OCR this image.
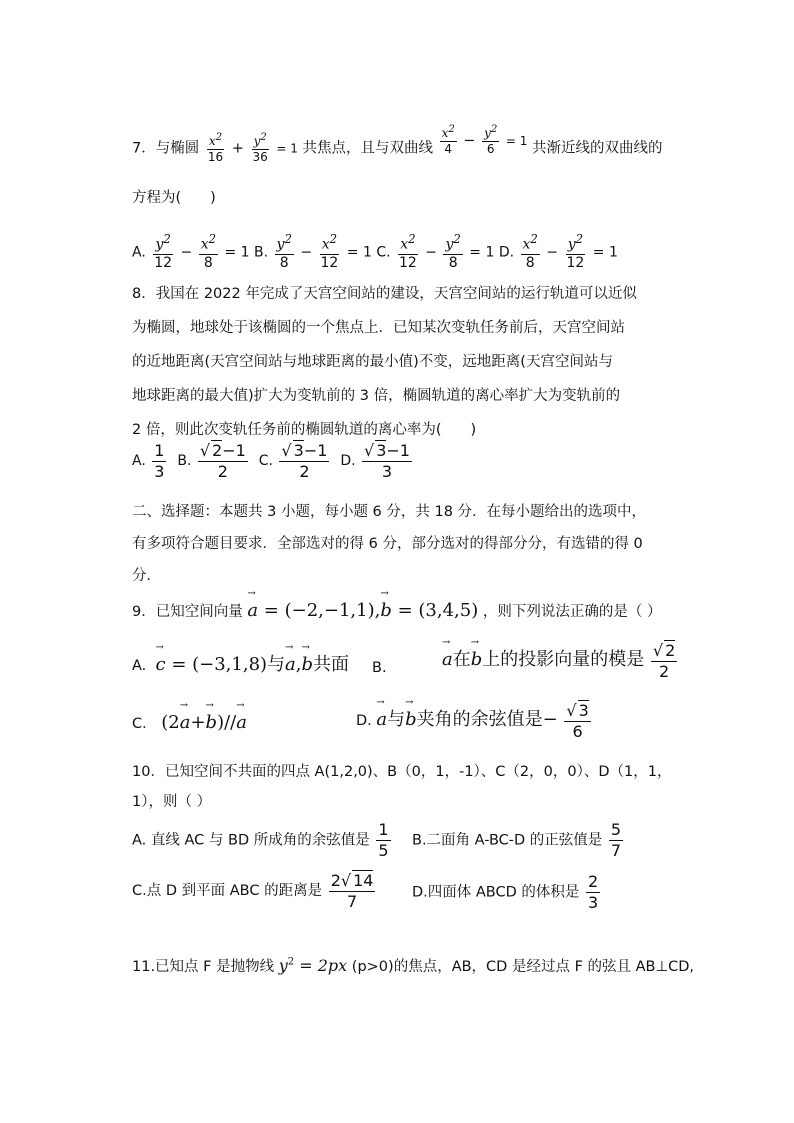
7．与椭圆 $\frac{x^2}{16} + \frac{y^2}{36} = 1$ 共焦点，且与双曲线 $\frac{x^2}{4} - \frac{y^2}{6} ^{= 1}$ 共渐近线的双曲线的
方程为(　　)
A. $\frac{y^2}{12} - \frac{x^2}{8} = 1$ B. $\frac{y^2}{8} - \frac{x^2}{12} = 1$ C. $\frac{x^2}{12} - \frac{y^2}{8} = 1$ D. $\frac{x^2}{8} - \frac{y^2}{12} = 1$
8．我国在 2022 年完成了天宫空间站的建设，天宫空间站的运行轨道可以近似
为椭圆，地球处于该椭圆的一个焦点上．已知某次变轨任务前后，天宫空间站
的近地距离(天宫空间站与地球距离的最小值)不变，远地距离(天宫空间站与
地球距离的最大值)扩大为变轨前的 3 倍，椭圆轨道的离心率扩大为变轨前的
2 倍，则此次变轨任务前的椭圆轨道的离心率为(　　)
A. $\frac{1}{3} B$. $\frac{√ 2-1}{2} C$. $\frac{√ 3-1}{2} D$. $\frac{√ 3-1}{3}$
二、选择题：本题共 3 小题，每小题 6 分，共 18 分．在每小题给出的选项中，
有多项符合题目要求．全部选对的得 6 分，部分选对的得部分分，有选错的得 0
分．
9．已知空间向量 → a = (−2,−1,1),→ b = (3,4,5) ，则下列说法正确的是（ ）
A. → c = (−3,1,8)与→ a,→ b共面 B.	→ a在→ b上的投影向量的模是 $\frac{√ 2}{2}$
C． (2→ a+→ b)//→ a	D. → a与→ b夹角的余弦值是− $\frac{√ 3}{6}$
10．已知空间不共面的四点 A(1,2,0)、B（0，1，-1）、C（2，0，0）、D（1，1，
1），则（ ）
A. 直线 AC 与 BD 所成角的余弦值是 $\frac{1}{5} B$.二面角 A-BC-D 的正弦值是 $\frac{5}{7}$
C.点 D 到平面 ABC 的距离是 $\frac{2√ 14}{7}$	D.四面体 ABCD 的体积是 $\frac{2}{3}$
11.已知点 F 是抛物线 $y^2 = 2px$ (p>0)的焦点，AB，CD 是经过点 F 的弦且 AB⊥CD,
